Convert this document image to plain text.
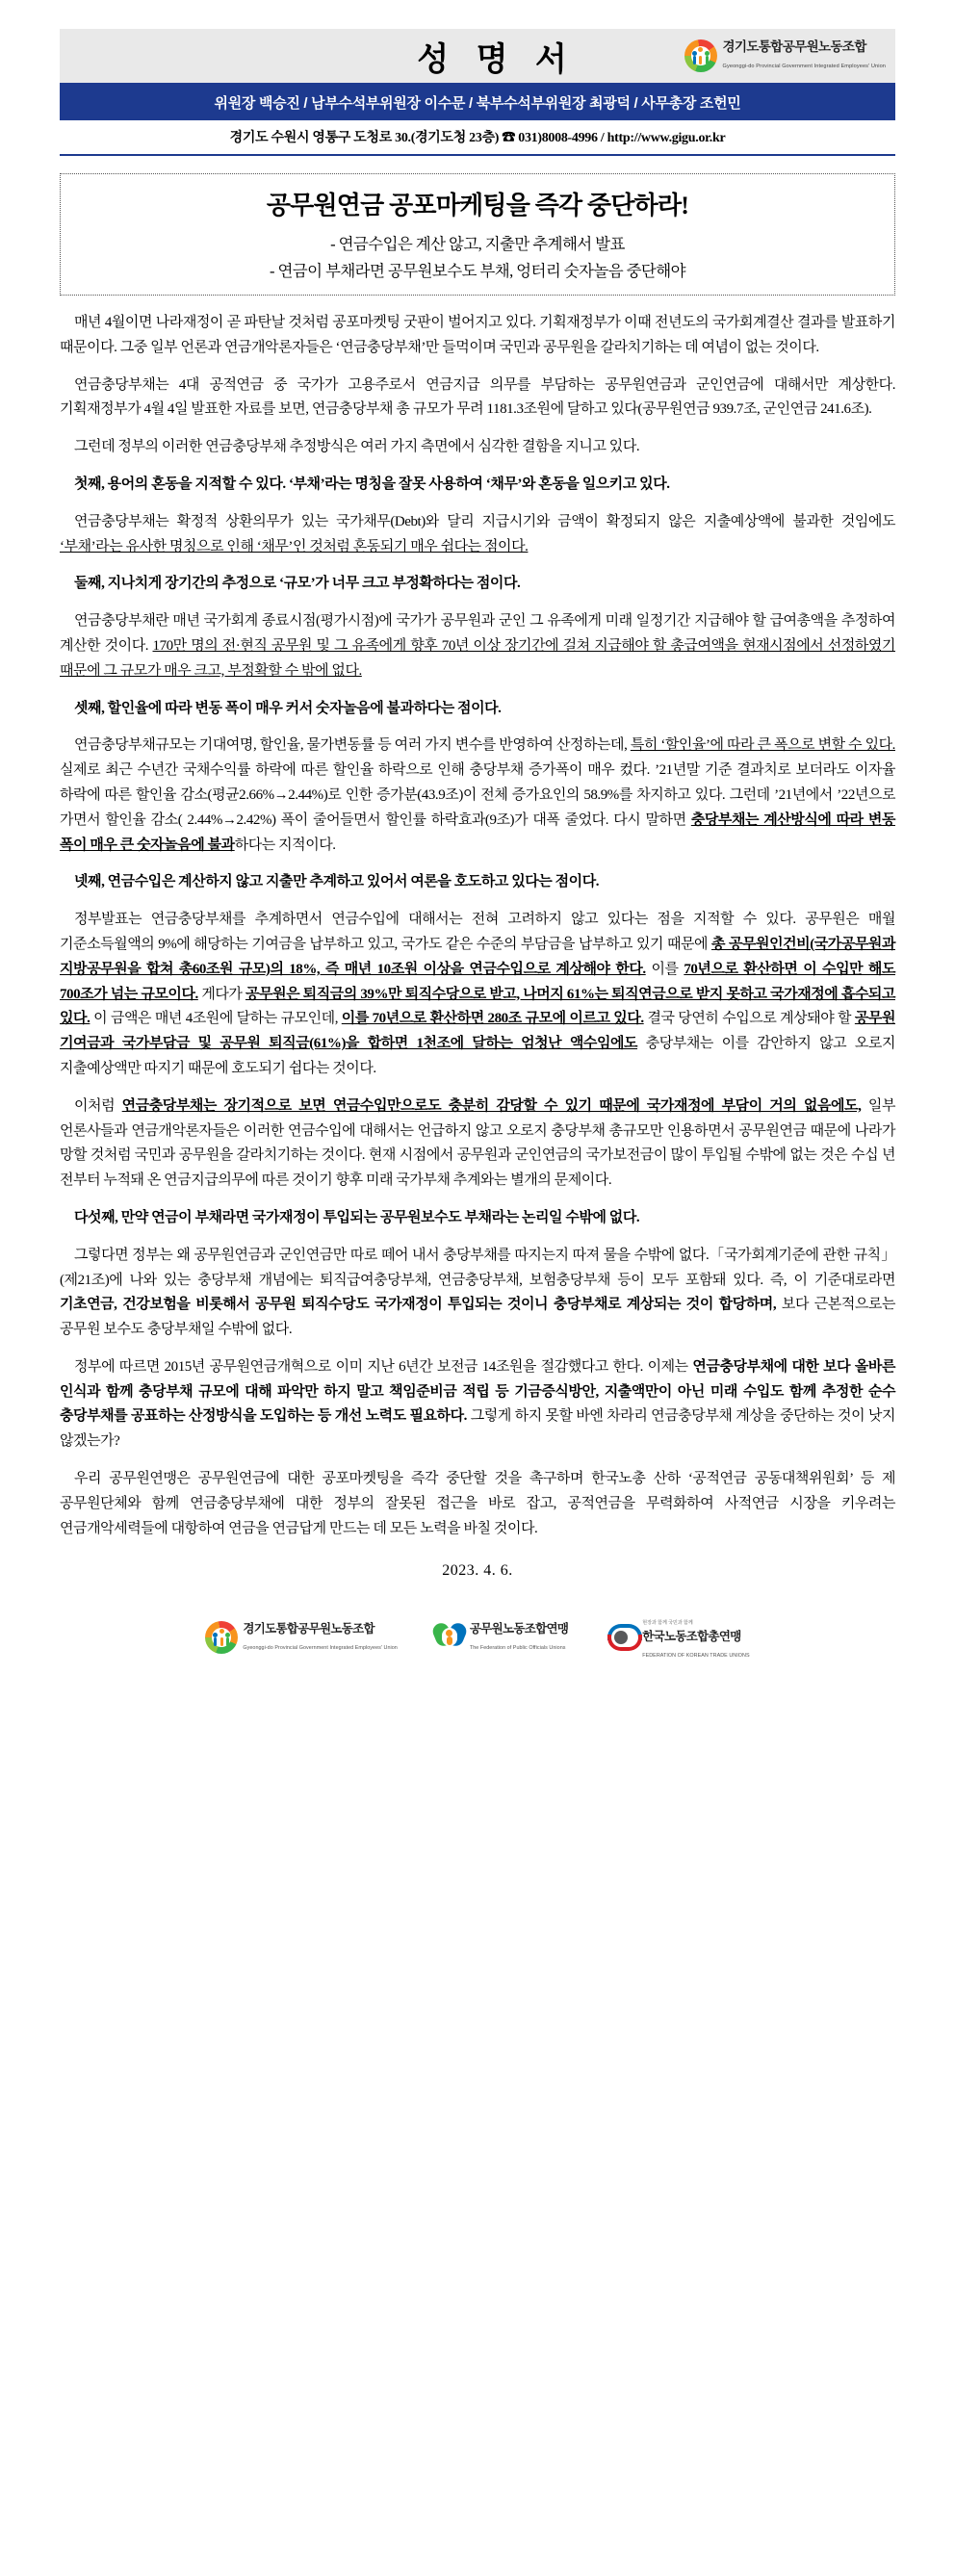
성 명 서	경기도통합공무원노동조합
Gyeonggi-do Provincial Government Integrated Employees' Union
위원장 백승진 / 남부수석부위원장 이수문 / 북부수석부위원장 최광덕 / 사무총장 조헌민
경기도 수원시 영통구 도청로 30.(경기도청 23층) ☎ 031)8008-4996 / http://www.gigu.or.kr
공무원연금 공포마케팅을 즉각 중단하라!
- 연금수입은 계산 않고, 지출만 추계해서 발표
- 연금이 부채라면 공무원보수도 부채, 엉터리 숫자놀음 중단해야

매년 4월이면 나라재정이 곧 파탄날 것처럼 공포마켓팅 굿판이 벌어지고 있다. 기획재정부가 이때 전년도의 국가회계결산 결과를 발표하기 때문이다. 그중 일부 언론과 연금개악론자들은 ‘연금충당부채’만 들먹이며 국민과 공무원을 갈라치기하는 데 여념이 없는 것이다.

연금충당부채는 4대 공적연금 중 국가가 고용주로서 연금지급 의무를 부담하는 공무원연금과 군인연금에 대해서만 계상한다. 기획재정부가 4월 4일 발표한 자료를 보면, 연금충당부채 총 규모가 무려 1181.3조원에 달하고 있다(공무원연금 939.7조, 군인연금 241.6조).

그런데 정부의 이러한 연금충당부채 추정방식은 여러 가지 측면에서 심각한 결함을 지니고 있다.

첫째, 용어의 혼동을 지적할 수 있다. ‘부채’라는 명칭을 잘못 사용하여 ‘채무’와 혼동을 일으키고 있다.

연금충당부채는 확정적 상환의무가 있는 국가채무(Debt)와 달리 지급시기와 금액이 확정되지 않은 지출예상액에 불과한 것임에도 ‘부채’라는 유사한 명칭으로 인해 ‘채무’인 것처럼 혼동되기 매우 쉽다는 점이다.

둘째, 지나치게 장기간의 추정으로 ‘규모’가 너무 크고 부정확하다는 점이다.

연금충당부채란 매년 국가회계 종료시점(평가시점)에 국가가 공무원과 군인 그 유족에게 미래 일정기간 지급해야 할 급여총액을 추정하여 계산한 것이다. 170만 명의 전·현직 공무원 및 그 유족에게 향후 70년 이상 장기간에 걸쳐 지급해야 할 총급여액을 현재시점에서 선정하였기 때문에 그 규모가 매우 크고, 부정확할 수 밖에 없다.

셋째, 할인율에 따라 변동 폭이 매우 커서 숫자놀음에 불과하다는 점이다.

연금충당부채규모는 기대여명, 할인율, 물가변동률 등 여러 가지 변수를 반영하여 산정하는데, 특히 ‘할인율’에 따라 큰 폭으로 변할 수 있다. 실제로 최근 수년간 국채수익률 하락에 따른 할인율 하락으로 인해 충당부채 증가폭이 매우 컸다. ’21년말 기준 결과치로 보더라도 이자율 하락에 따른 할인율 감소(평균2.66%→2.44%)로 인한 증가분(43.9조)이 전체 증가요인의 58.9%를 차지하고 있다. 그런데 ’21년에서 ’22년으로 가면서 할인율 감소( 2.44%→2.42%) 폭이 줄어들면서 할인률 하락효과(9조)가 대폭 줄었다. 다시 말하면 충당부채는 계산방식에 따라 변동 폭이 매우 큰 숫자놀음에 불과하다는 지적이다.

넷째, 연금수입은 계산하지 않고 지출만 추계하고 있어서 여론을 호도하고 있다는 점이다.

정부발표는 연금충당부채를 추계하면서 연금수입에 대해서는 전혀 고려하지 않고 있다는 점을 지적할 수 있다. 공무원은 매월 기준소득월액의 9%에 해당하는 기여금을 납부하고 있고, 국가도 같은 수준의 부담금을 납부하고 있기 때문에 총 공무원인건비(국가공무원과 지방공무원을 합쳐 총60조원 규모)의 18%, 즉 매년 10조원 이상을 연금수입으로 계상해야 한다. 이를 70년으로 환산하면 이 수입만 해도 700조가 넘는 규모이다. 게다가 공무원은 퇴직금의 39%만 퇴직수당으로 받고, 나머지 61%는 퇴직연금으로 받지 못하고 국가재정에 흡수되고 있다. 이 금액은 매년 4조원에 달하는 규모인데, 이를 70년으로 환산하면 280조 규모에 이르고 있다. 결국 당연히 수입으로 계상돼야 할 공무원 기여금과 국가부담금 및 공무원 퇴직금(61%)을 합하면 1천조에 달하는 엄청난 액수임에도 충당부채는 이를 감안하지 않고 오로지 지출예상액만 따지기 때문에 호도되기 쉽다는 것이다.

이처럼 연금충당부채는 장기적으로 보면 연금수입만으로도 충분히 감당할 수 있기 때문에 국가재정에 부담이 거의 없음에도, 일부 언론사들과 연금개악론자들은 이러한 연금수입에 대해서는 언급하지 않고 오로지 충당부채 총규모만 인용하면서 공무원연금 때문에 나라가 망할 것처럼 국민과 공무원을 갈라치기하는 것이다. 현재 시점에서 공무원과 군인연금의 국가보전금이 많이 투입될 수밖에 없는 것은 수십 년 전부터 누적돼 온 연금지급의무에 따른 것이기 향후 미래 국가부채 추계와는 별개의 문제이다.

다섯째, 만약 연금이 부채라면 국가재정이 투입되는 공무원보수도 부채라는 논리일 수밖에 없다.

그렇다면 정부는 왜 공무원연금과 군인연금만 따로 떼어 내서 충당부채를 따지는지 따져 물을 수밖에 없다.「국가회계기준에 관한 규칙」(제21조)에 나와 있는 충당부채 개념에는 퇴직급여충당부채, 연금충당부채, 보험충당부채 등이 모두 포함돼 있다. 즉, 이 기준대로라면 기초연금, 건강보험을 비롯해서 공무원 퇴직수당도 국가재정이 투입되는 것이니 충당부채로 계상되는 것이 합당하며, 보다 근본적으로는 공무원 보수도 충당부채일 수밖에 없다.

정부에 따르면 2015년 공무원연금개혁으로 이미 지난 6년간 보전금 14조원을 절감했다고 한다. 이제는 연금충당부채에 대한 보다 올바른 인식과 함께 충당부채 규모에 대해 파악만 하지 말고 책임준비금 적립 등 기금증식방안, 지출액만이 아닌 미래 수입도 함께 추정한 순수 충당부채를 공표하는 산정방식을 도입하는 등 개선 노력도 필요하다. 그렇게 하지 못할 바엔 차라리 연금충당부채 계상을 중단하는 것이 낫지 않겠는가?

우리 공무원연맹은 공무원연금에 대한 공포마켓팅을 즉각 중단할 것을 촉구하며 한국노총 산하 ‘공적연금 공동대책위원회’ 등 제 공무원단체와 함께 연금충당부채에 대한 정부의 잘못된 접근을 바로 잡고, 공적연금을 무력화하여 사적연금 시장을 키우려는 연금개악세력들에 대항하여 연금을 연금답게 만드는 데 모든 노력을 바칠 것이다.

2023. 4. 6.
경기도통합공무원노동조합
Gyeonggi-do Provincial Government Integrated Employees' Union
공무원노동조합연맹
The Federation of Public Officials Unions
현장과 함께 국민과 함께
한국노동조합총연맹
FEDERATION OF KOREAN TRADE UNIONS
